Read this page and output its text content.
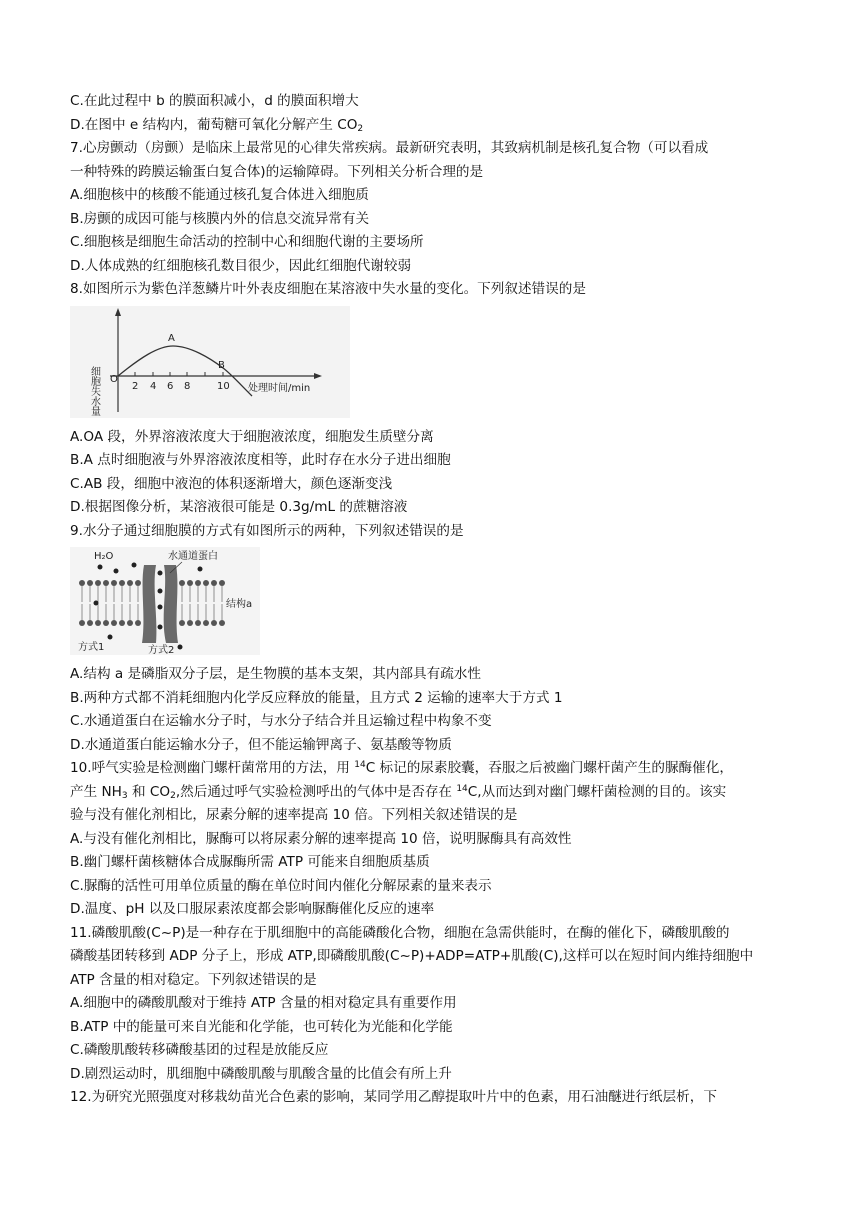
C.在此过程中 b 的膜面积减小，d 的膜面积增大
D.在图中 e 结构内，葡萄糖可氧化分解产生 $CO_2$
7.心房颤动（房颤）是临床上最常见的心律失常疾病。最新研究表明，其致病机制是核孔复合物（可以看成
一种特殊的跨膜运输蛋白复合体)的运输障碍。下列相关分析合理的是
A.细胞核中的核酸不能通过核孔复合体进入细胞质
B.房颤的成因可能与核膜内外的信息交流异常有关
C.细胞核是细胞生命活动的控制中心和细胞代谢的主要场所
D.人体成熟的红细胞核孔数目很少，因此红细胞代谢较弱
8.如图所示为紫色洋葱鳞片叶外表皮细胞在某溶液中失水量的变化。下列叙述错误的是
细胞失水量 O
2 4 6 8	10
A
B
处理时间/min
A.OA 段，外界溶液浓度大于细胞液浓度，细胞发生质壁分离
B.A 点时细胞液与外界溶液浓度相等，此时存在水分子进出细胞
C.AB 段，细胞中液泡的体积逐渐增大，颜色逐渐变浅
D.根据图像分析，某溶液很可能是 0.3g/mL 的蔗糖溶液
9.水分子通过细胞膜的方式有如图所示的两种，下列叙述错误的是
H₂O	水通道蛋白
结构a
方式1	方式2
A.结构 a 是磷脂双分子层，是生物膜的基本支架，其内部具有疏水性
B.两种方式都不消耗细胞内化学反应释放的能量，且方式 2 运输的速率大于方式 1
C.水通道蛋白在运输水分子时，与水分子结合并且运输过程中构象不变
D.水通道蛋白能运输水分子，但不能运输钾离子、氨基酸等物质
10.呼气实验是检测幽门螺杆菌常用的方法，用 $^{14}$C 标记的尿素胶囊，吞服之后被幽门螺杆菌产生的脲酶催化，
产生 $NH_3$ 和 $CO_2$,然后通过呼气实验检测呼出的气体中是否存在 $^{14}$C,从而达到对幽门螺杆菌检测的目的。该实
验与没有催化剂相比，尿素分解的速率提高 10 倍。下列相关叙述错误的是
A.与没有催化剂相比，脲酶可以将尿素分解的速率提高 10 倍，说明脲酶具有高效性
B.幽门螺杆菌核糖体合成脲酶所需 ATP 可能来自细胞质基质
C.脲酶的活性可用单位质量的酶在单位时间内催化分解尿素的量来表示
D.温度、pH 以及口服尿素浓度都会影响脲酶催化反应的速率
11.磷酸肌酸(C~P)是一种存在于肌细胞中的高能磷酸化合物，细胞在急需供能时，在酶的催化下，磷酸肌酸的
磷酸基团转移到 ADP 分子上，形成 ATP,即磷酸肌酸(C~P)+ADP=ATP+肌酸(C),这样可以在短时间内维持细胞中
ATP 含量的相对稳定。下列叙述错误的是
A.细胞中的磷酸肌酸对于维持 ATP 含量的相对稳定具有重要作用
B.ATP 中的能量可来自光能和化学能，也可转化为光能和化学能
C.磷酸肌酸转移磷酸基团的过程是放能反应
D.剧烈运动时，肌细胞中磷酸肌酸与肌酸含量的比值会有所上升
12.为研究光照强度对移栽幼苗光合色素的影响，某同学用乙醇提取叶片中的色素，用石油醚进行纸层析，下
